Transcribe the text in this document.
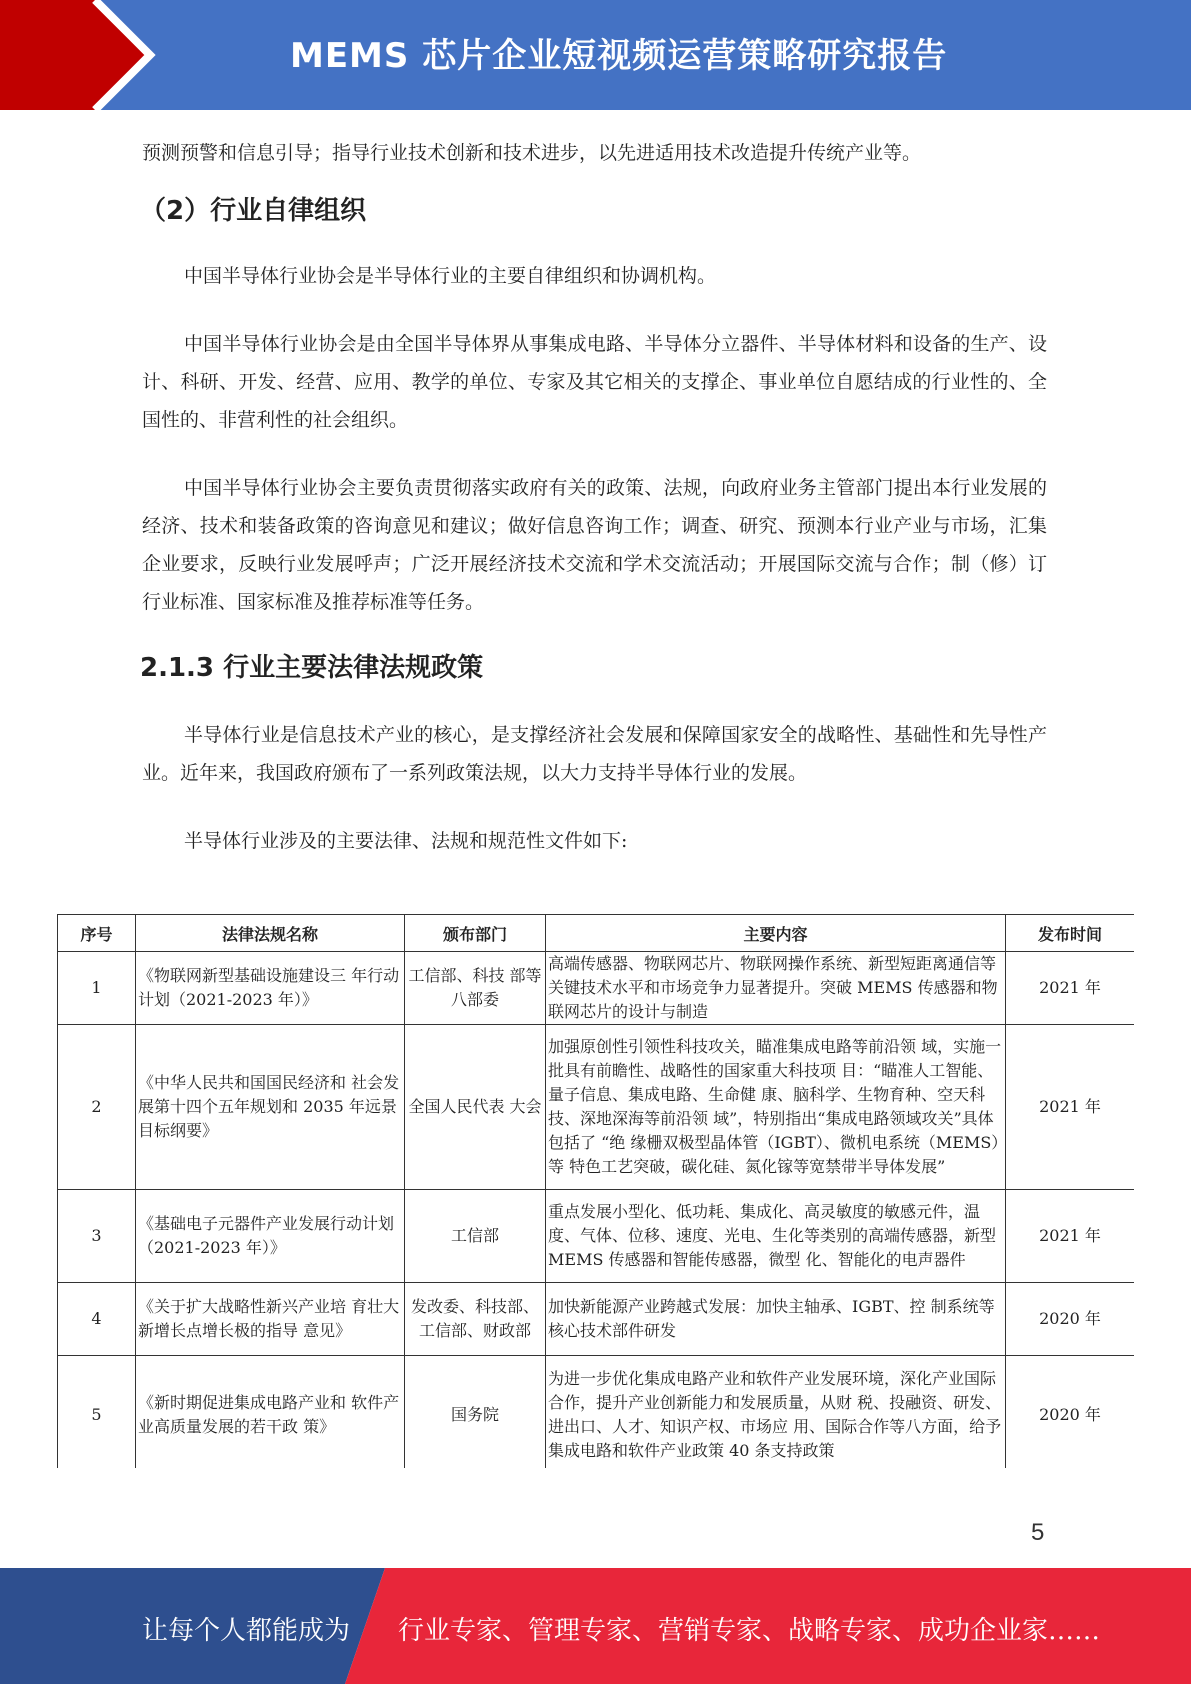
MEMS 芯片企业短视频运营策略研究报告

预测预警和信息引导；指导行业技术创新和技术进步，以先进适用技术改造提升传统产业等。

（2）行业自律组织

中国半导体行业协会是半导体行业的主要自律组织和协调机构。

中国半导体行业协会是由全国半导体界从事集成电路、半导体分立器件、半导体材料和设备的生产、设计、科研、开发、经营、应用、教学的单位、专家及其它相关的支撑企、事业单位自愿结成的行业性的、全国性的、非营利性的社会组织。

中国半导体行业协会主要负责贯彻落实政府有关的政策、法规，向政府业务主管部门提出本行业发展的经济、技术和装备政策的咨询意见和建议；做好信息咨询工作；调查、研究、预测本行业产业与市场，汇集企业要求，反映行业发展呼声；广泛开展经济技术交流和学术交流活动；开展国际交流与合作；制（修）订行业标准、国家标准及推荐标准等任务。

2.1.3 行业主要法律法规政策

半导体行业是信息技术产业的核心，是支撑经济社会发展和保障国家安全的战略性、基础性和先导性产业。近年来，我国政府颁布了一系列政策法规，以大力支持半导体行业的发展。

半导体行业涉及的主要法律、法规和规范性文件如下:

序号	法律法规名称	颁布部门	主要内容	发布时间
1	《物联网新型基础设施建设三 年行动计划（2021-2023 年）》	工信部、科技 部等八部委	高端传感器、物联网芯片、物联网操作系统、新型短距离通信等关键技术水平和市场竞争力显著提升。突破 MEMS 传感器和物联网芯片的设计与制造	2021 年
2	《中华人民共和国国民经济和 社会发展第十四个五年规划和 2035 年远景目标纲要》	全国人民代表 大会	加强原创性引领性科技攻关，瞄准集成电路等前沿领 域，实施一批具有前瞻性、战略性的国家重大科技项 目：“瞄准人工智能、量子信息、集成电路、生命健 康、脑科学、生物育种、空天科技、深地深海等前沿领 域”，特别指出“集成电路领域攻关”具体包括了 “绝 缘栅双极型晶体管（IGBT）、微机电系统（MEMS）等 特色工艺突破，碳化硅、氮化镓等宽禁带半导体发展”	2021 年
3	《基础电子元器件产业发展行动计划（2021-2023 年）》	工信部	重点发展小型化、低功耗、集成化、高灵敏度的敏感元件，温度、气体、位移、速度、光电、生化等类别的高端传感器，新型 MEMS 传感器和智能传感器，微型 化、智能化的电声器件	2021 年
4	《关于扩大战略性新兴产业培 育壮大新增长点增长极的指导 意见》	发改委、科技部、工信部、财政部	加快新能源产业跨越式发展：加快主轴承、IGBT、控 制系统等核心技术部件研发	2020 年
5	《新时期促进集成电路产业和 软件产业高质量发展的若干政 策》	国务院	为进一步优化集成电路产业和软件产业发展环境，深化产业国际合作，提升产业创新能力和发展质量，从财 税、投融资、研发、进出口、人才、知识产权、市场应 用、国际合作等八方面，给予集成电路和软件产业政策 40 条支持政策	2020 年
5
让每个人都能成为 行业专家、管理专家、营销专家、战略专家、成功企业家……
